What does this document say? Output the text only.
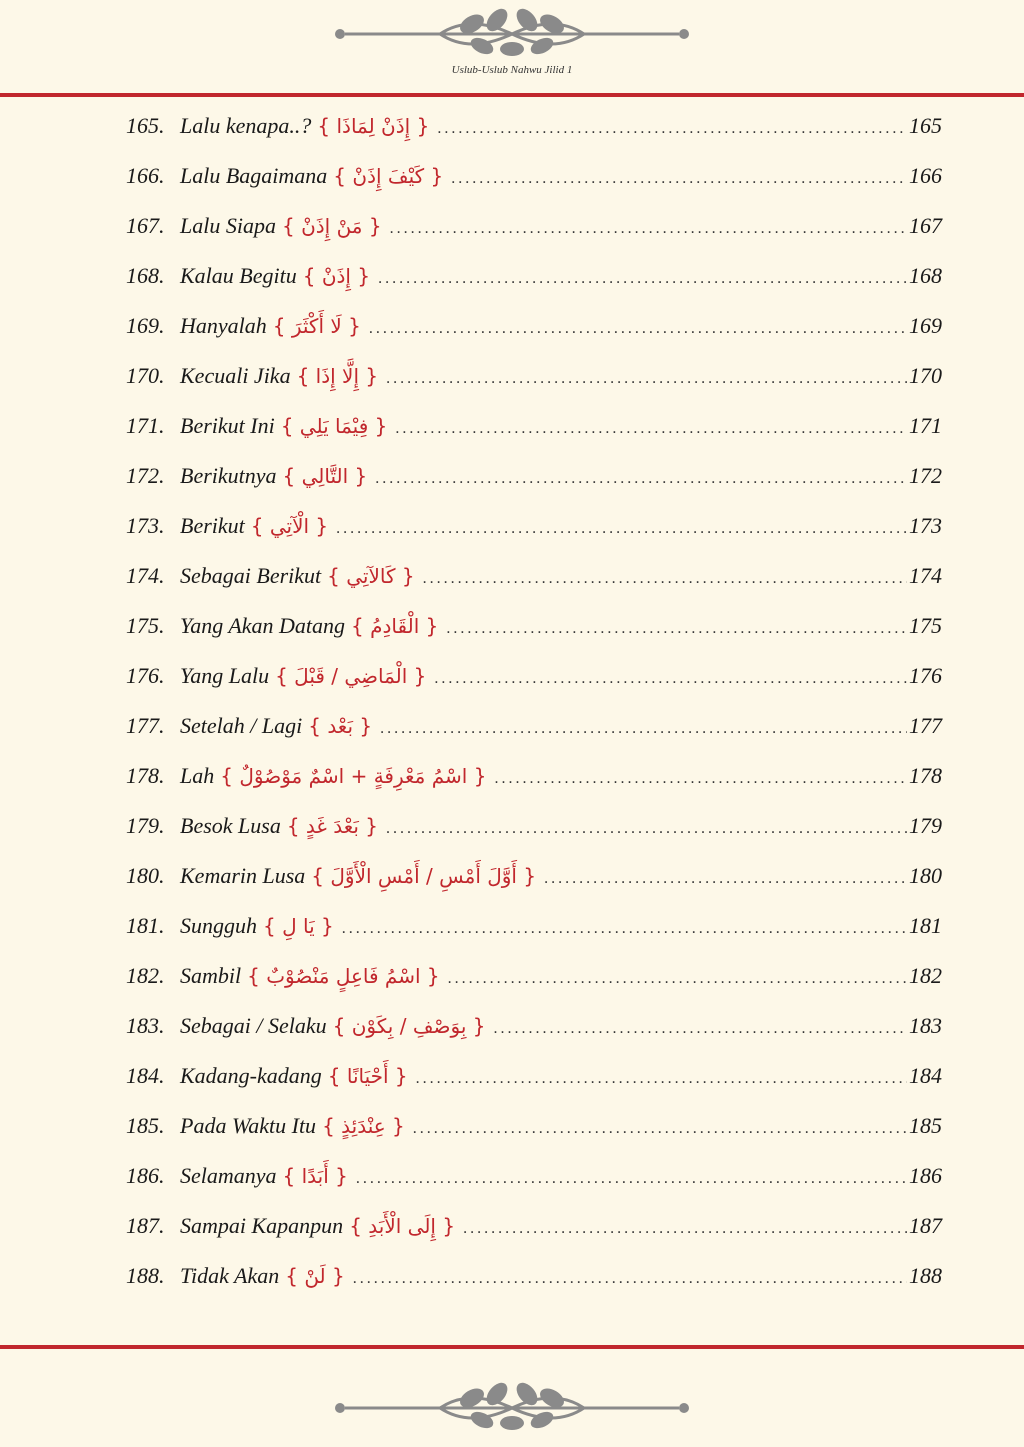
Uslub-Uslub Nahwu Jilid 1
165. Lalu kenapa..? { إِذَنْ لِمَاذَا } .....	165
166. Lalu Bagaimana { كَيْفَ إِذَنْ } .....	166
167. Lalu Siapa { مَنْ إِذَنْ } .....	167
168. Kalau Begitu { إِذَنْ } .....	168
169. Hanyalah { لَا أَكْثَرَ } .....	169
170. Kecuali Jika { إِلَّا إِذَا } .....	170
171. Berikut Ini { فِيْمَا يَلِي } .....	171
172. Berikutnya { التَّالِي } .....	172
173. Berikut { الْآتِي } .....	173
174. Sebagai Berikut { كَالآتِي } .....	174
175. Yang Akan Datang { الْقَادِمُ } .....	175
176. Yang Lalu { الْمَاضِي / قَبْلَ } .....	176
177. Setelah / Lagi { بَعْد } .....	177
178. Lah { اسْمُ مَعْرِفَةٍ + اسْمٌ مَوْصُوْلٌ } .....	178
179. Besok Lusa { بَعْدَ غَدٍ } .....	179
180. Kemarin Lusa { أَوَّلَ أَمْسِ / أَمْسِ الْأَوَّلَ } .....	180
181. Sungguh { يَا لِ } .....	181
182. Sambil { اسْمُ فَاعِلٍ مَنْصُوْبٌ } .....	182
183. Sebagai / Selaku { بِوَصْفِ / بِكَوْن } .....	183
184. Kadang-kadang { أَحْيَانًا } .....	184
185. Pada Waktu Itu { عِنْدَئِذٍ } .....	185
186. Selamanya { أَبَدًا } .....	186
187. Sampai Kapanpun { إِلَى الْأَبَدِ } .....	187
188. Tidak Akan { لَنْ } .....	188
